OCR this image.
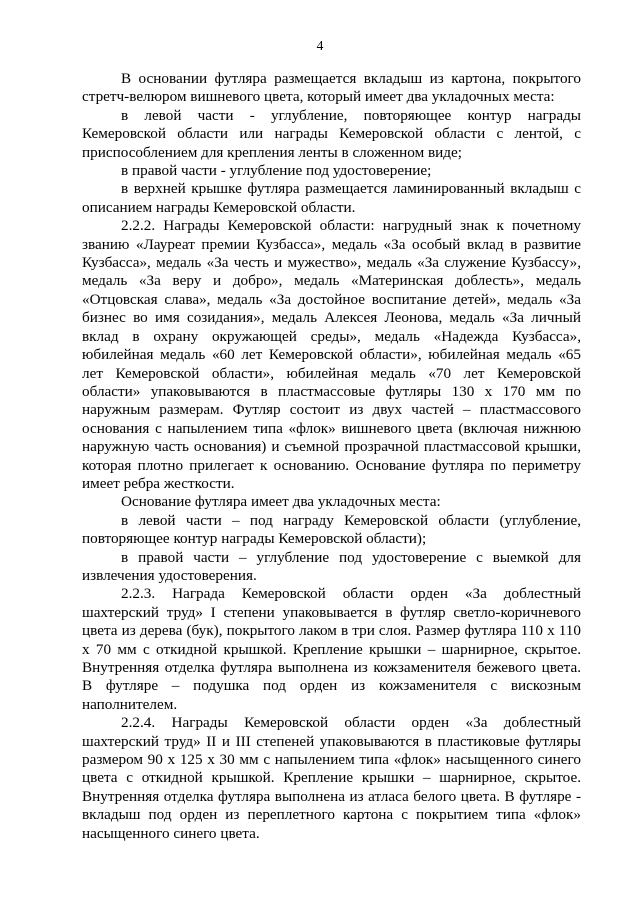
4

В основании футляра размещается вкладыш из картона, покрытого стретч-велюром вишневого цвета, который имеет два укладочных места:

в левой части - углубление, повторяющее контур награды Кемеровской области или награды Кемеровской области с лентой, с приспособлением для крепления ленты в сложенном виде;

в правой части - углубление под удостоверение;

в верхней крышке футляра размещается ламинированный вкладыш с описанием награды Кемеровской области.

2.2.2. Награды Кемеровской области: нагрудный знак к почетному званию «Лауреат премии Кузбасса», медаль «За особый вклад в развитие Кузбасса», медаль «За честь и мужество», медаль «За служение Кузбассу», медаль «За веру и добро», медаль «Материнская доблесть», медаль «Отцовская слава», медаль «За достойное воспитание детей», медаль «За бизнес во имя созидания», медаль Алексея Леонова, медаль «За личный вклад в охрану окружающей среды», медаль «Надежда Кузбасса», юбилейная медаль «60 лет Кемеровской области», юбилейная медаль «65 лет Кемеровской области», юбилейная медаль «70 лет Кемеровской области» упаковываются в пластмассовые футляры 130 х 170 мм по наружным размерам. Футляр состоит из двух частей – пластмассового основания с напылением типа «флок» вишневого цвета (включая нижнюю наружную часть основания) и съемной прозрачной пластмассовой крышки, которая плотно прилегает к основанию. Основание футляра по периметру имеет ребра жесткости.

Основание футляра имеет два укладочных места:

в левой части – под награду Кемеровской области (углубление, повторяющее контур награды Кемеровской области);

в правой части – углубление под удостоверение с выемкой для извлечения удостоверения.

2.2.3. Награда Кемеровской области орден «За доблестный шахтерский труд» I степени упаковывается в футляр светло-коричневого цвета из дерева (бук), покрытого лаком в три слоя. Размер футляра 110 х 110 х 70 мм с откидной крышкой. Крепление крышки – шарнирное, скрытое. Внутренняя отделка футляра выполнена из кожзаменителя бежевого цвета. В футляре – подушка под орден из кожзаменителя с вискозным наполнителем.

2.2.4. Награды Кемеровской области орден «За доблестный шахтерский труд» II и III степеней упаковываются в пластиковые футляры размером 90 х 125 х 30 мм с напылением типа «флок» насыщенного синего цвета с откидной крышкой. Крепление крышки – шарнирное, скрытое. Внутренняя отделка футляра выполнена из атласа белого цвета. В футляре - вкладыш под орден из переплетного картона с покрытием типа «флок» насыщенного синего цвета.
